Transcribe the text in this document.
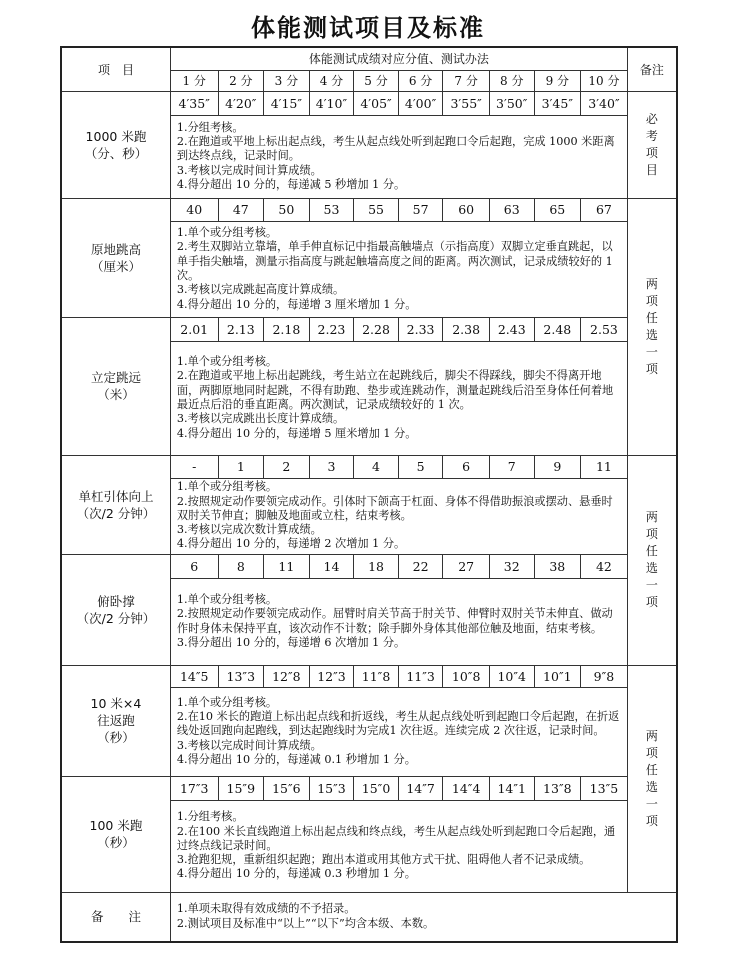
体能测试项目及标准
项　目	体能测试成绩对应分值、测试办法										备注
	1 分	2 分	3 分	4 分	5 分	6 分	7 分	8 分	9 分	10 分	

1000 米跑
（分、秒）	4′35″	4′20″	4′15″	4′10″	4′05″	4′00″	3′55″	3′50″	3′45″	3′40″	必考项目

	1.分组考核。
2.在跑道或平地上标出起点线，考生从起点线处听到起跑口令后起跑，完成 1000 米距离到达终点线，记录时间。
3.考核以完成时间计算成绩。
4.得分超出 10 分的，每递减 5 秒增加 1 分。										

原地跳高
（厘米）	40	47	50	53	55	57	60	63	65	67	两项任选一项

	1.单个或分组考核。
2.考生双脚站立靠墙，单手伸直标记中指最高触墙点（示指高度）双脚立定垂直跳起，以单手指尖触墙，测量示指高度与跳起触墙高度之间的距离。两次测试，记录成绩较好的 1 次。
3.考核以完成跳起高度计算成绩。
4.得分超出 10 分的，每递增 3 厘米增加 1 分。										

立定跳远
（米）	2.01	2.13	2.18	2.23	2.28	2.33	2.38	2.43	2.48	2.53	

	1.单个或分组考核。
2.在跑道或平地上标出起跳线，考生站立在起跳线后，脚尖不得踩线，脚尖不得离开地面，两脚原地同时起跳，不得有助跑、垫步或连跳动作，测量起跳线后沿至身体任何着地最近点后沿的垂直距离。两次测试，记录成绩较好的 1 次。
3.考核以完成跳出长度计算成绩。
4.得分超出 10 分的，每递增 5 厘米增加 1 分。										

单杠引体向上
（次/2 分钟）	-	1	2	3	4	5	6	7	9	11	两项任选一项

	1.单个或分组考核。
2.按照规定动作要领完成动作。引体时下颌高于杠面、身体不得借助振浪或摆动、悬垂时双肘关节伸直；脚触及地面或立柱，结束考核。
3.考核以完成次数计算成绩。
4.得分超出 10 分的，每递增 2 次增加 1 分。										

俯卧撑
（次/2 分钟）	6	8	11	14	18	22	27	32	38	42	

	1.单个或分组考核。
2.按照规定动作要领完成动作。屈臂时肩关节高于肘关节、伸臂时双肘关节未伸直、做动作时身体未保持平直，该次动作不计数；除手脚外身体其他部位触及地面，结束考核。
3.得分超出 10 分的，每递增 6 次增加 1 分。										

10 米×4
往返跑
（秒）	14″5	13″3	12″8	12″3	11″8	11″3	10″8	10″4	10″1	9″8	两项任选一项

	1.单个或分组考核。
2.在10 米长的跑道上标出起点线和折返线，考生从起点线处听到起跑口令后起跑，在折返线处返回跑向起跑线，到达起跑线时为完成1 次往返。连续完成 2 次往返，记录时间。
3.考核以完成时间计算成绩。
4.得分超出 10 分的，每递减 0.1 秒增加 1 分。										

100 米跑
（秒）	17″3	15″9	15″6	15″3	15″0	14″7	14″4	14″1	13″8	13″5	

	1.分组考核。
2.在100 米长直线跑道上标出起点线和终点线，考生从起点线处听到起跑口令后起跑，通过终点线记录时间。
3.抢跑犯规，重新组织起跑；跑出本道或用其他方式干扰、阻碍他人者不记录成绩。
4.得分超出 10 分的，每递减 0.3 秒增加 1 分。										

备　　注	1.单项未取得有效成绩的不予招录。
2.测试项目及标准中“以上”“以下”均含本级、本数。										
